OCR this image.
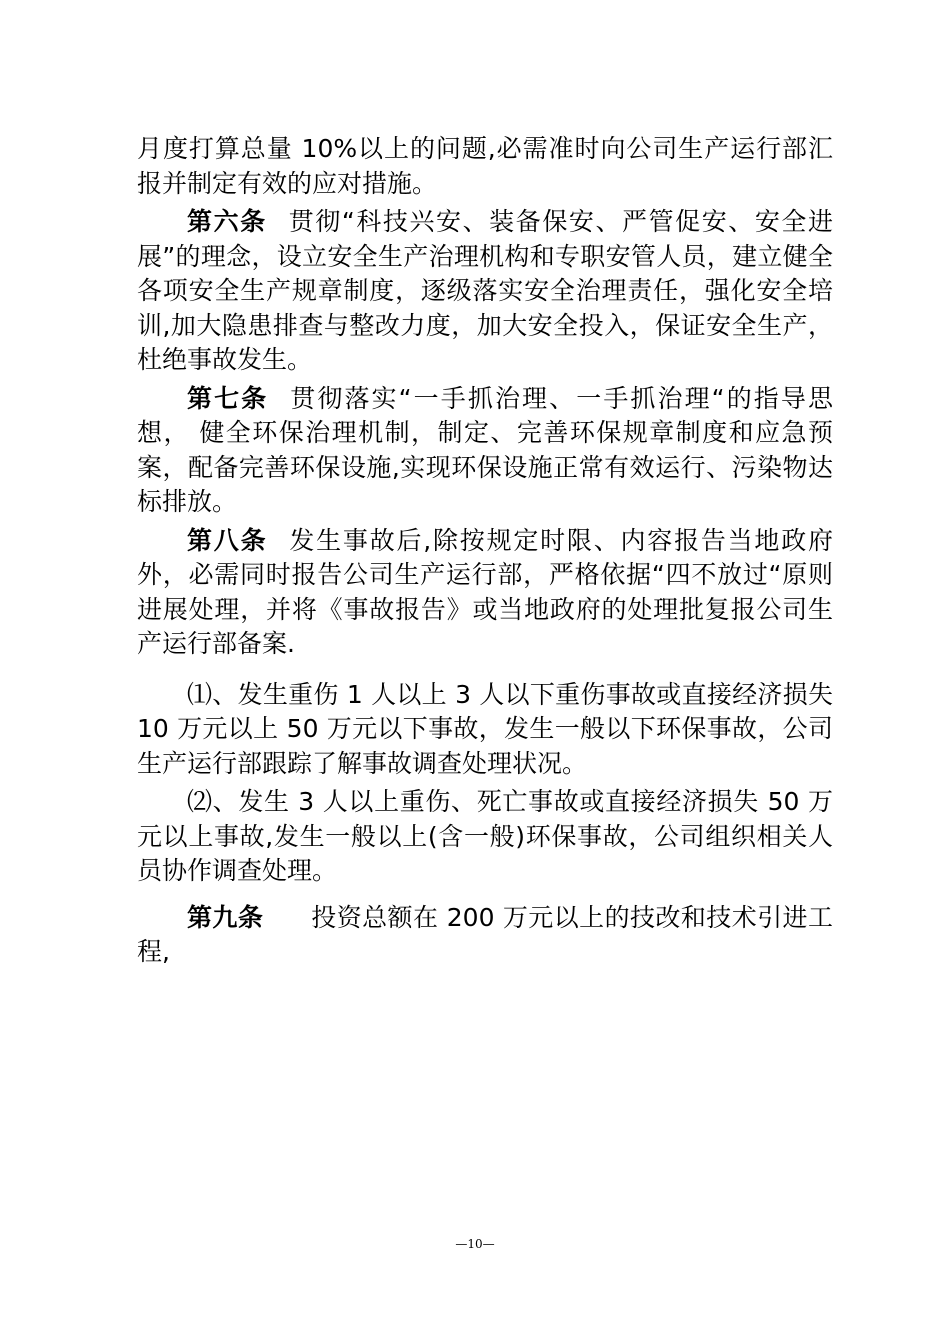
月度打算总量 10%以上的问题,必需准时向公司生产运行部汇报并制定有效的应对措施。

第六条 贯彻“科技兴安、装备保安、严管促安、安全进展”的理念，设立安全生产治理机构和专职安管人员，建立健全各项安全生产规章制度，逐级落实安全治理责任，强化安全培训,加大隐患排查与整改力度，加大安全投入，保证安全生产，杜绝事故发生。

第七条 贯彻落实“一手抓治理、一手抓治理“的指导思想， 健全环保治理机制，制定、完善环保规章制度和应急预案，配备完善环保设施,实现环保设施正常有效运行、污染物达标排放。

第八条 发生事故后,除按规定时限、内容报告当地政府外，必需同时报告公司生产运行部，严格依据“四不放过“原则进展处理，并将《事故报告》或当地政府的处理批复报公司生产运行部备案.

⑴、发生重伤 1 人以上 3 人以下重伤事故或直接经济损失 10 万元以上 50 万元以下事故，发生一般以下环保事故，公司生产运行部跟踪了解事故调查处理状况。

⑵、发生 3 人以上重伤、死亡事故或直接经济损失 50 万元以上事故,发生一般以上(含一般)环保事故，公司组织相关人员协作调查处理。

第九条 投资总额在 200 万元以上的技改和技术引进工程,

—10—
